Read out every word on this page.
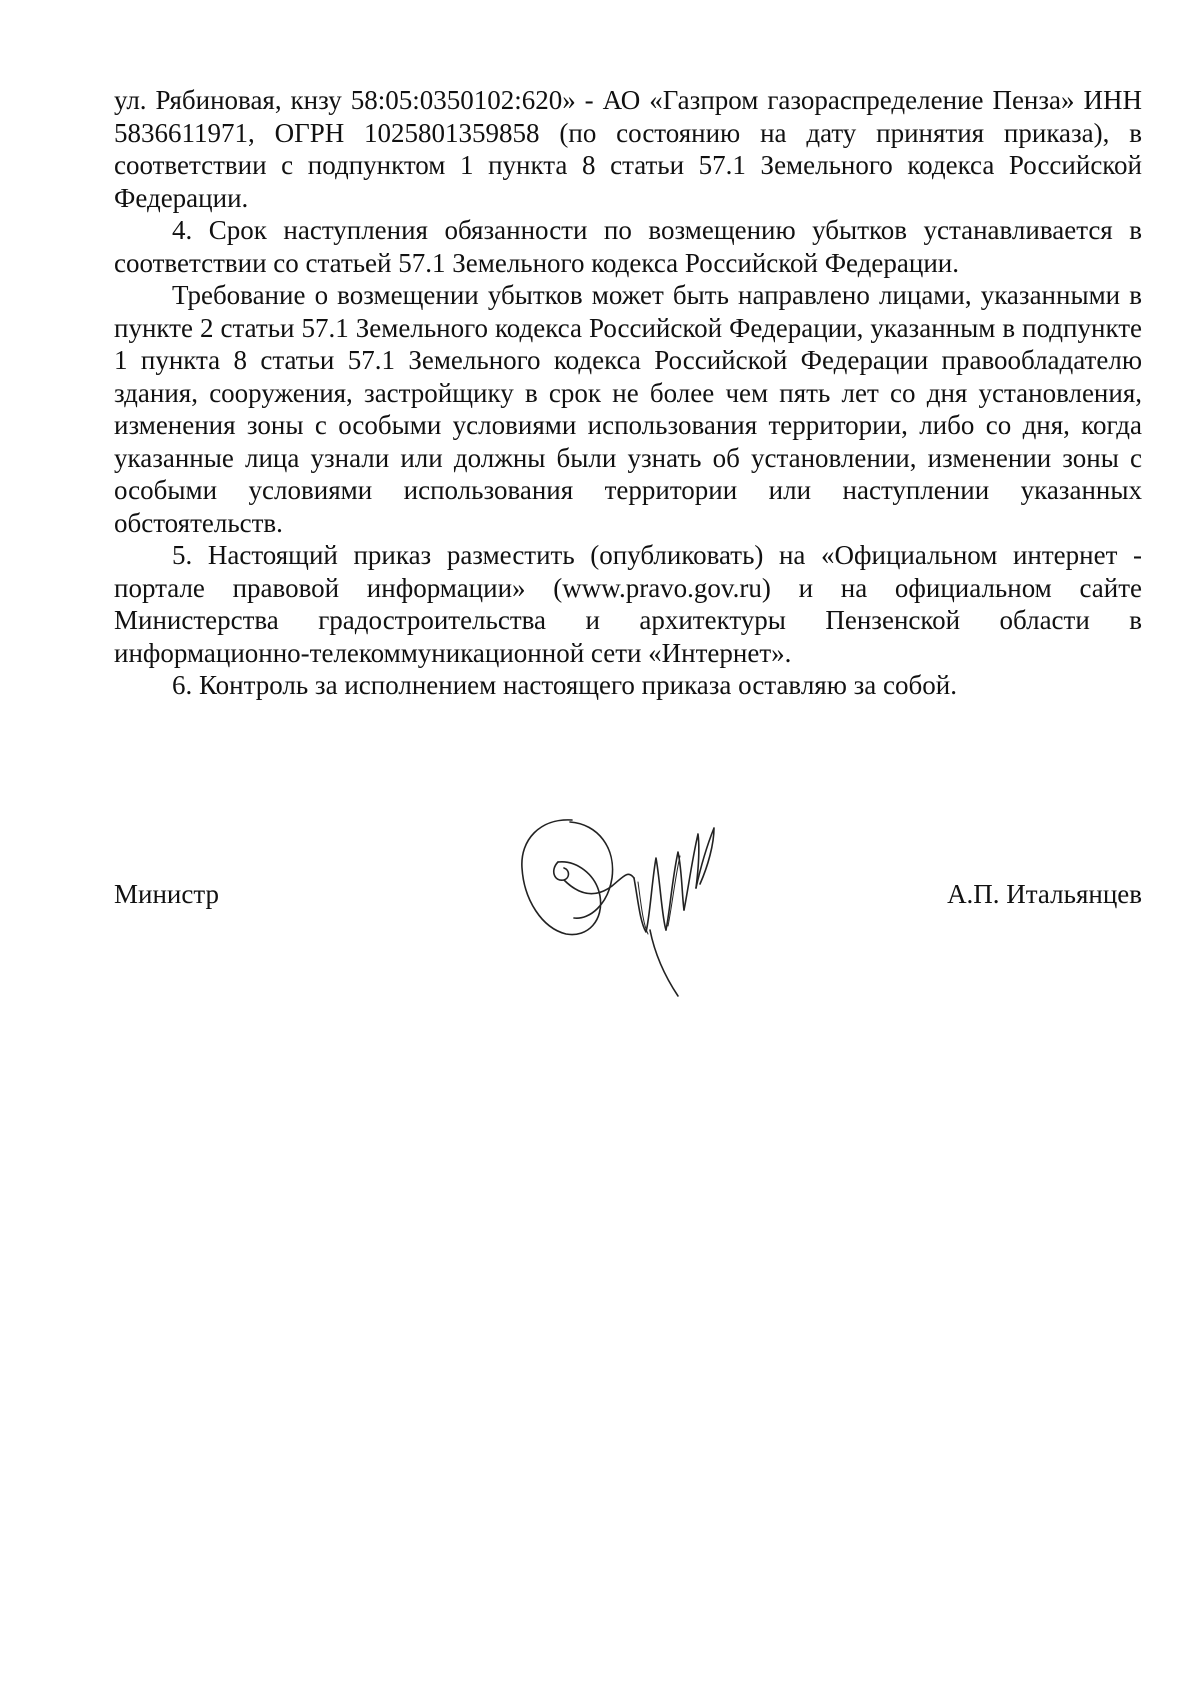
ул. Рябиновая, кнзу 58:05:0350102:620» - АО «Газпром газораспределение Пенза» ИНН 5836611971, ОГРН 1025801359858 (по состоянию на дату принятия приказа), в соответствии с подпунктом 1 пункта 8 статьи 57.1 Земельного кодекса Российской Федерации.

4. Срок наступления обязанности по возмещению убытков устанавливается в соответствии со статьей 57.1 Земельного кодекса Российской Федерации.

Требование о возмещении убытков может быть направлено лицами, указанными в пункте 2 статьи 57.1 Земельного кодекса Российской Федерации, указанным в подпункте 1 пункта 8 статьи 57.1 Земельного кодекса Российской Федерации правообладателю здания, сооружения, застройщику в срок не более чем пять лет со дня установления, изменения зоны с особыми условиями использования территории, либо со дня, когда указанные лица узнали или должны были узнать об установлении, изменении зоны с особыми условиями использования территории или наступлении указанных обстоятельств.

5. Настоящий приказ разместить (опубликовать) на «Официальном интернет - портале правовой информации» (www.pravo.gov.ru) и на официальном сайте Министерства градостроительства и архитектуры Пензенской области в информационно-телекоммуникационной сети «Интернет».

6. Контроль за исполнением настоящего приказа оставляю за собой.

Министр	А.П. Итальянцев
